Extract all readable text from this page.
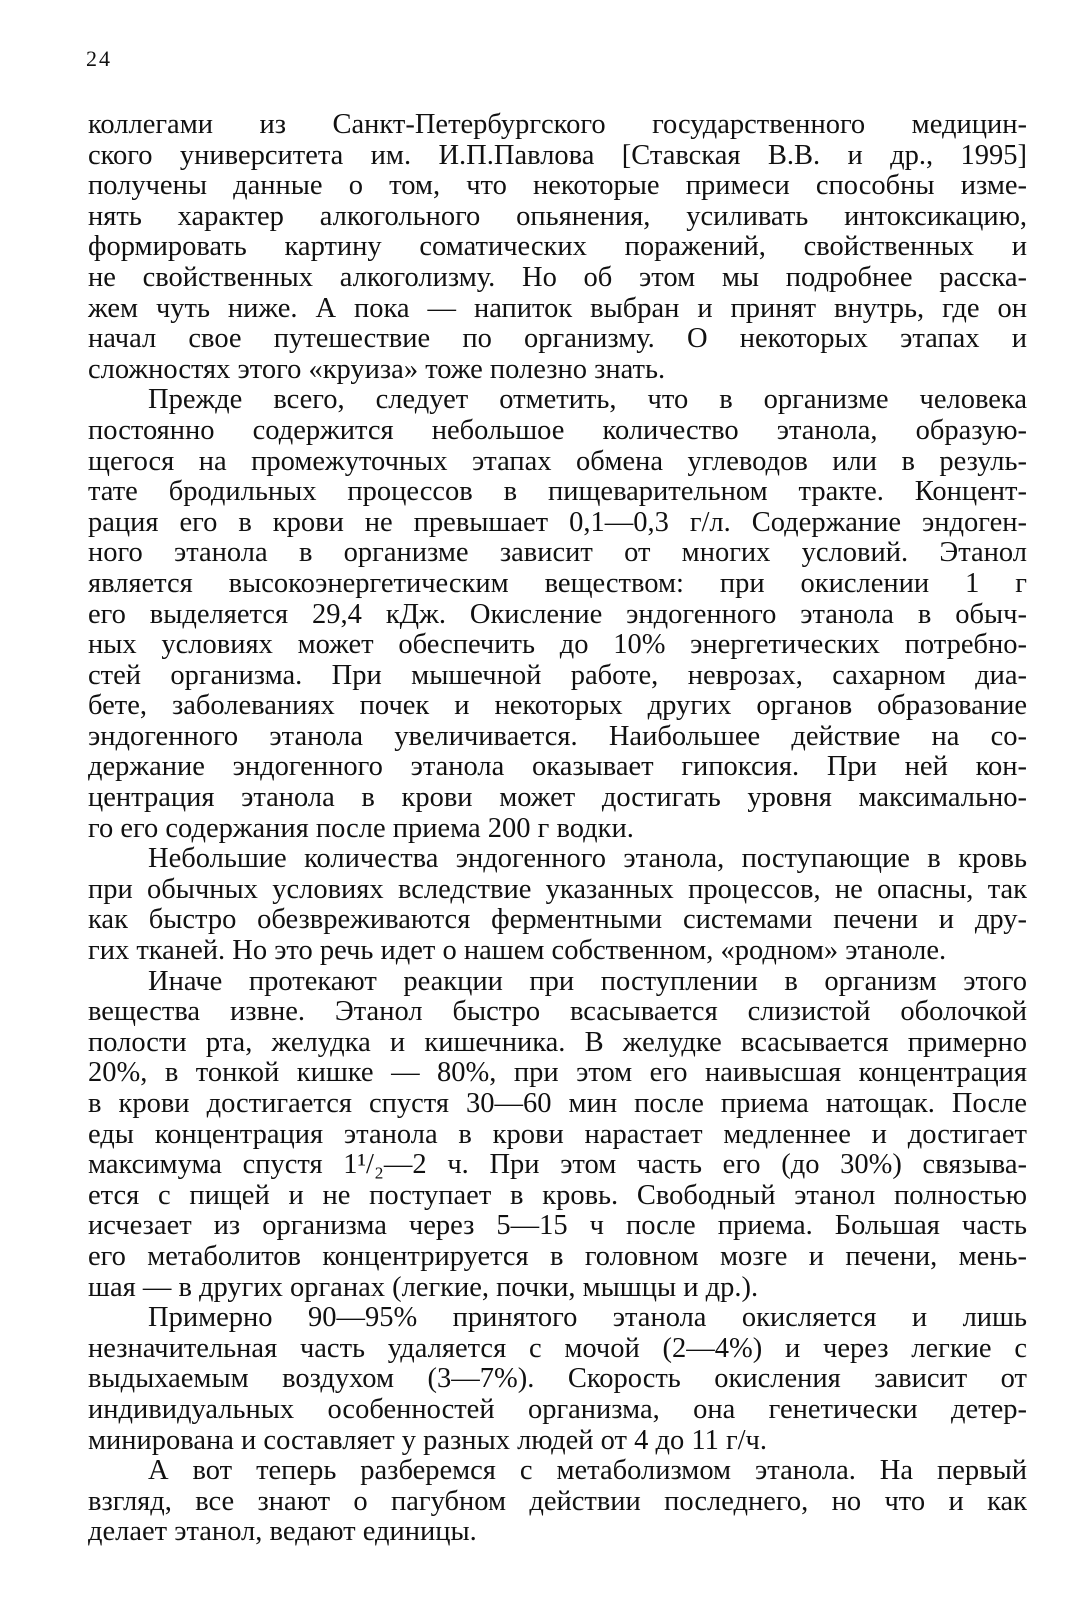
24

коллегами из Санкт-Петербургского государственного медицин-
ского университета им. И.П.Павлова [Ставская В.В. и др., 1995]
получены данные о том, что некоторые примеси способны изме-
нять характер алкогольного опьянения, усиливать интоксикацию,
формировать картину соматических поражений, свойственных и
не свойственных алкоголизму. Но об этом мы подробнее расска-
жем чуть ниже. А пока — напиток выбран и принят внутрь, где он
начал свое путешествие по организму. О некоторых этапах и
сложностях этого «круиза» тоже полезно знать.

Прежде всего, следует отметить, что в организме человека
постоянно содержится небольшое количество этанола, образую-
щегося на промежуточных этапах обмена углеводов или в резуль-
тате бродильных процессов в пищеварительном тракте. Концент-
рация его в крови не превышает 0,1—0,3 г/л. Содержание эндоген-
ного этанола в организме зависит от многих условий. Этанол
является высокоэнергетическим веществом: при окислении 1 г
его выделяется 29,4 кДж. Окисление эндогенного этанола в обыч-
ных условиях может обеспечить до 10% энергетических потребно-
стей организма. При мышечной работе, неврозах, сахарном диа-
бете, заболеваниях почек и некоторых других органов образование
эндогенного этанола увеличивается. Наибольшее действие на со-
держание эндогенного этанола оказывает гипоксия. При ней кон-
центрация этанола в крови может достигать уровня максимально-
го его содержания после приема 200 г водки.

Небольшие количества эндогенного этанола, поступающие в кровь
при обычных условиях вследствие указанных процессов, не опасны, так
как быстро обезвреживаются ферментными системами печени и дру-
гих тканей. Но это речь идет о нашем собственном, «родном» этаноле.

Иначе протекают реакции при поступлении в организм этого
вещества извне. Этанол быстро всасывается слизистой оболочкой
полости рта, желудка и кишечника. В желудке всасывается примерно
20%, в тонкой кишке — 80%, при этом его наивысшая концентрация
в крови достигается спустя 30—60 мин после приема натощак. После
еды концентрация этанола в крови нарастает медленнее и достигает
максимума спустя 1¹/₂—2 ч. При этом часть его (до 30%) связыва-
ется с пищей и не поступает в кровь. Свободный этанол полностью
исчезает из организма через 5—15 ч после приема. Большая часть
его метаболитов концентрируется в головном мозге и печени, мень-
шая — в других органах (легкие, почки, мышцы и др.).

Примерно 90—95% принятого этанола окисляется и лишь
незначительная часть удаляется с мочой (2—4%) и через легкие с
выдыхаемым воздухом (3—7%). Скорость окисления зависит от
индивидуальных особенностей организма, она генетически детер-
минирована и составляет у разных людей от 4 до 11 г/ч.

А вот теперь разберемся с метаболизмом этанола. На первый
взгляд, все знают о пагубном действии последнего, но что и как
делает этанол, ведают единицы.
